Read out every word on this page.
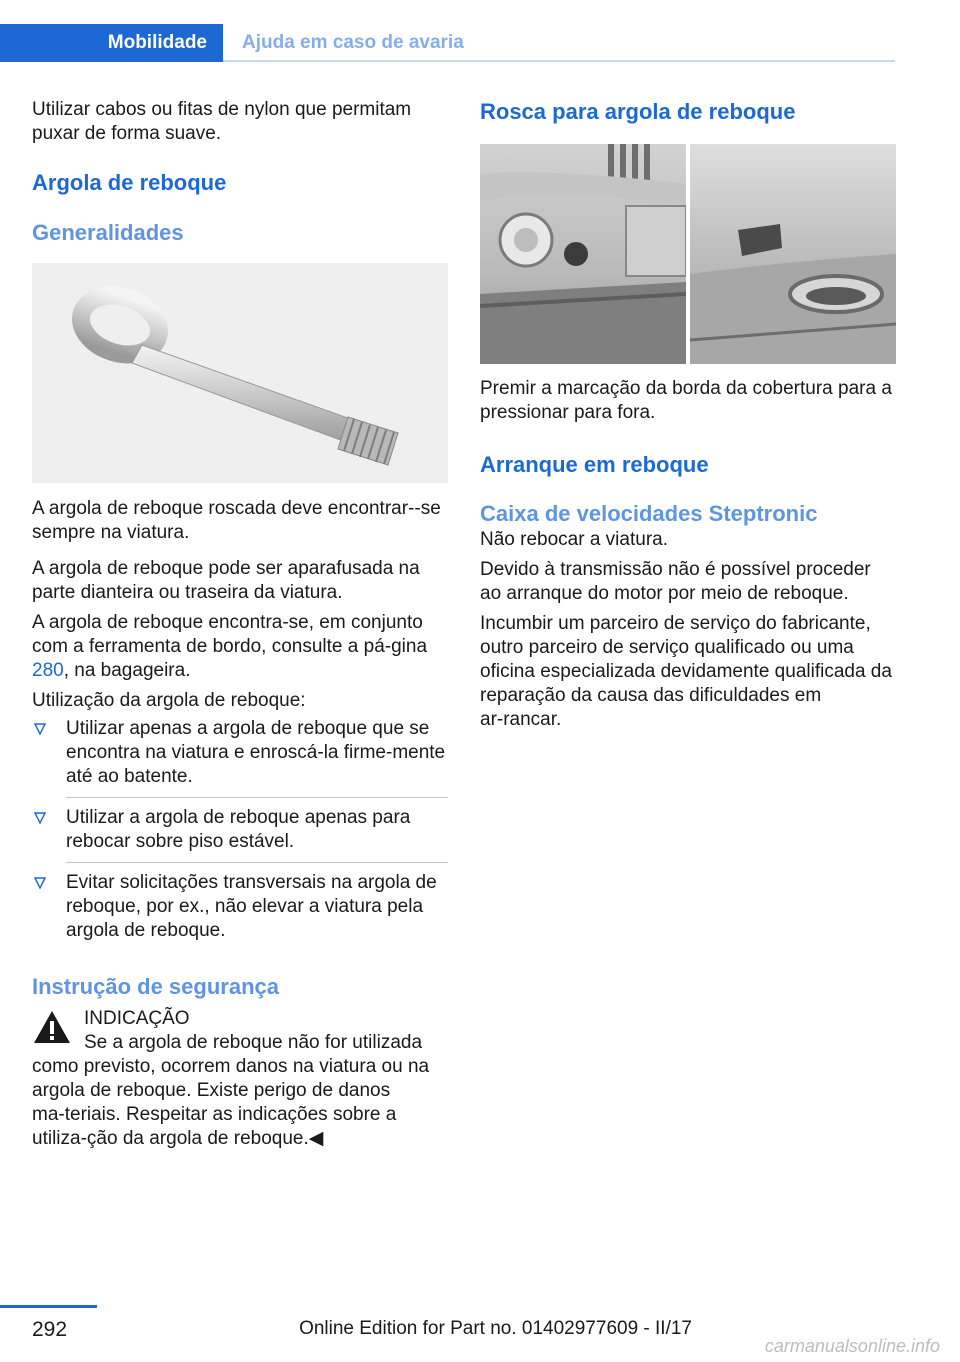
Mobilidade	Ajuda em caso de avaria

Utilizar cabos ou fitas de nylon que permitam puxar de forma suave.

Argola de reboque
Generalidades

A argola de reboque roscada deve encontrar‑‑se sempre na viatura.

A argola de reboque pode ser aparafusada na parte dianteira ou traseira da viatura.

A argola de reboque encontra-se, em conjunto com a ferramenta de bordo, consulte a pá‑gina 280, na bagageira.

Utilização da argola de reboque:

Utilizar apenas a argola de reboque que se encontra na viatura e enroscá-la firme‑mente até ao batente.
Utilizar a argola de reboque apenas para rebocar sobre piso estável.
Evitar solicitações transversais na argola de reboque, por ex., não elevar a viatura pela argola de reboque.
Instrução de segurança

INDICAÇÃO

Se a argola de reboque não for utilizada como previsto, ocorrem danos na viatura ou na argola de reboque. Existe perigo de danos ma‑teriais. Respeitar as indicações sobre a utiliza‑ção da argola de reboque.◀

Rosca para argola de reboque

Premir a marcação da borda da cobertura para a pressionar para fora.

Arranque em reboque
Caixa de velocidades Steptronic

Não rebocar a viatura.

Devido à transmissão não é possível proceder ao arranque do motor por meio de reboque.

Incumbir um parceiro de serviço do fabricante, outro parceiro de serviço qualificado ou uma oficina especializada devidamente qualificada da reparação da causa das dificuldades em ar‑rancar.

292	Online Edition for Part no. 01402977609 - II/17
carmanualsonline.info
